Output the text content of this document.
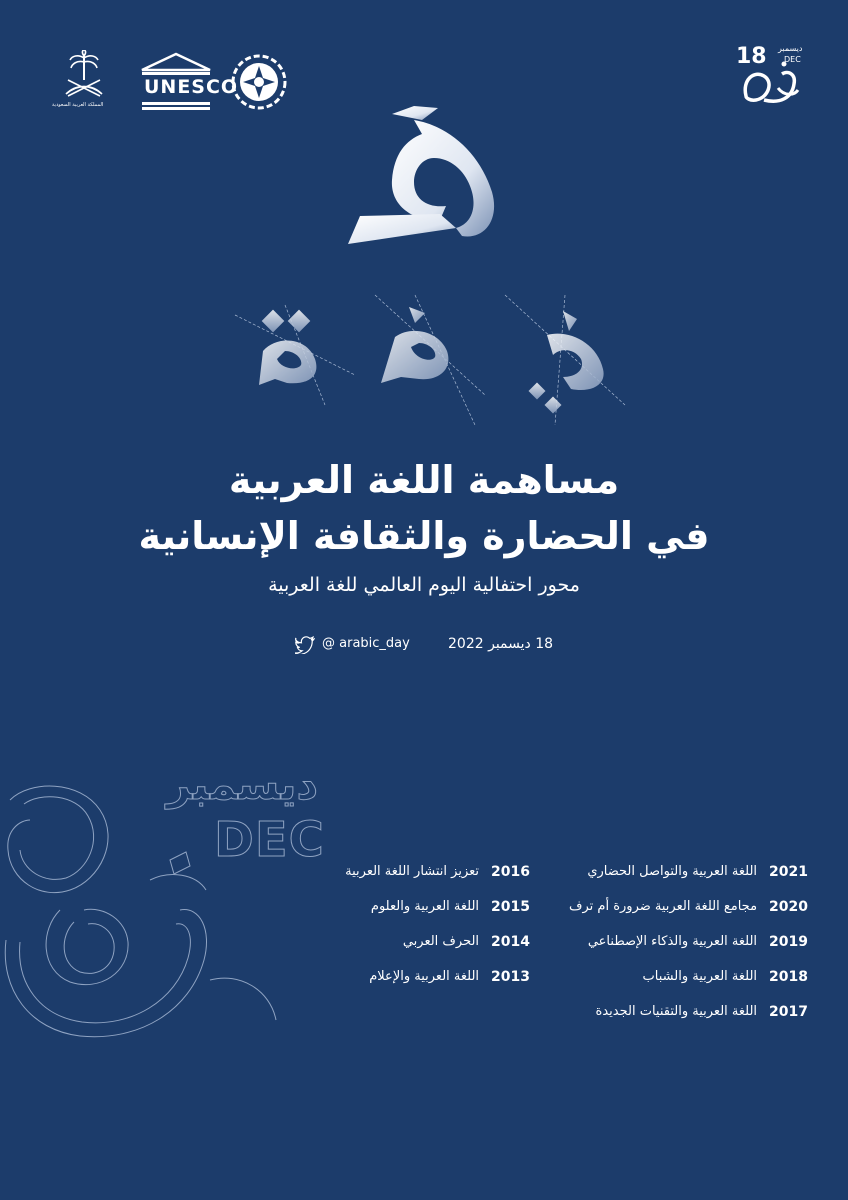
المملكة العربية السعودية
UNESCO
18 ديسمبر
DEC
مساهمة اللغة العربية
في الحضارة والثقافة الإنسانية
محور احتفالية اليوم العالمي للغة العربية
@ arabic_day	18 ديسمبر 2022
ديسمبر
DEC
2021
اللغة العربية والتواصل الحضاري
2020
مجامع اللغة العربية ضرورة أم ترف
2019
اللغة العربية والذكاء الإصطناعي
2018
اللغة العربية والشباب
2017
اللغة العربية والتقنيات الجديدة
2016
تعزيز انتشار اللغة العربية
2015
اللغة العربية والعلوم
2014
الحرف العربي
2013
اللغة العربية والإعلام
